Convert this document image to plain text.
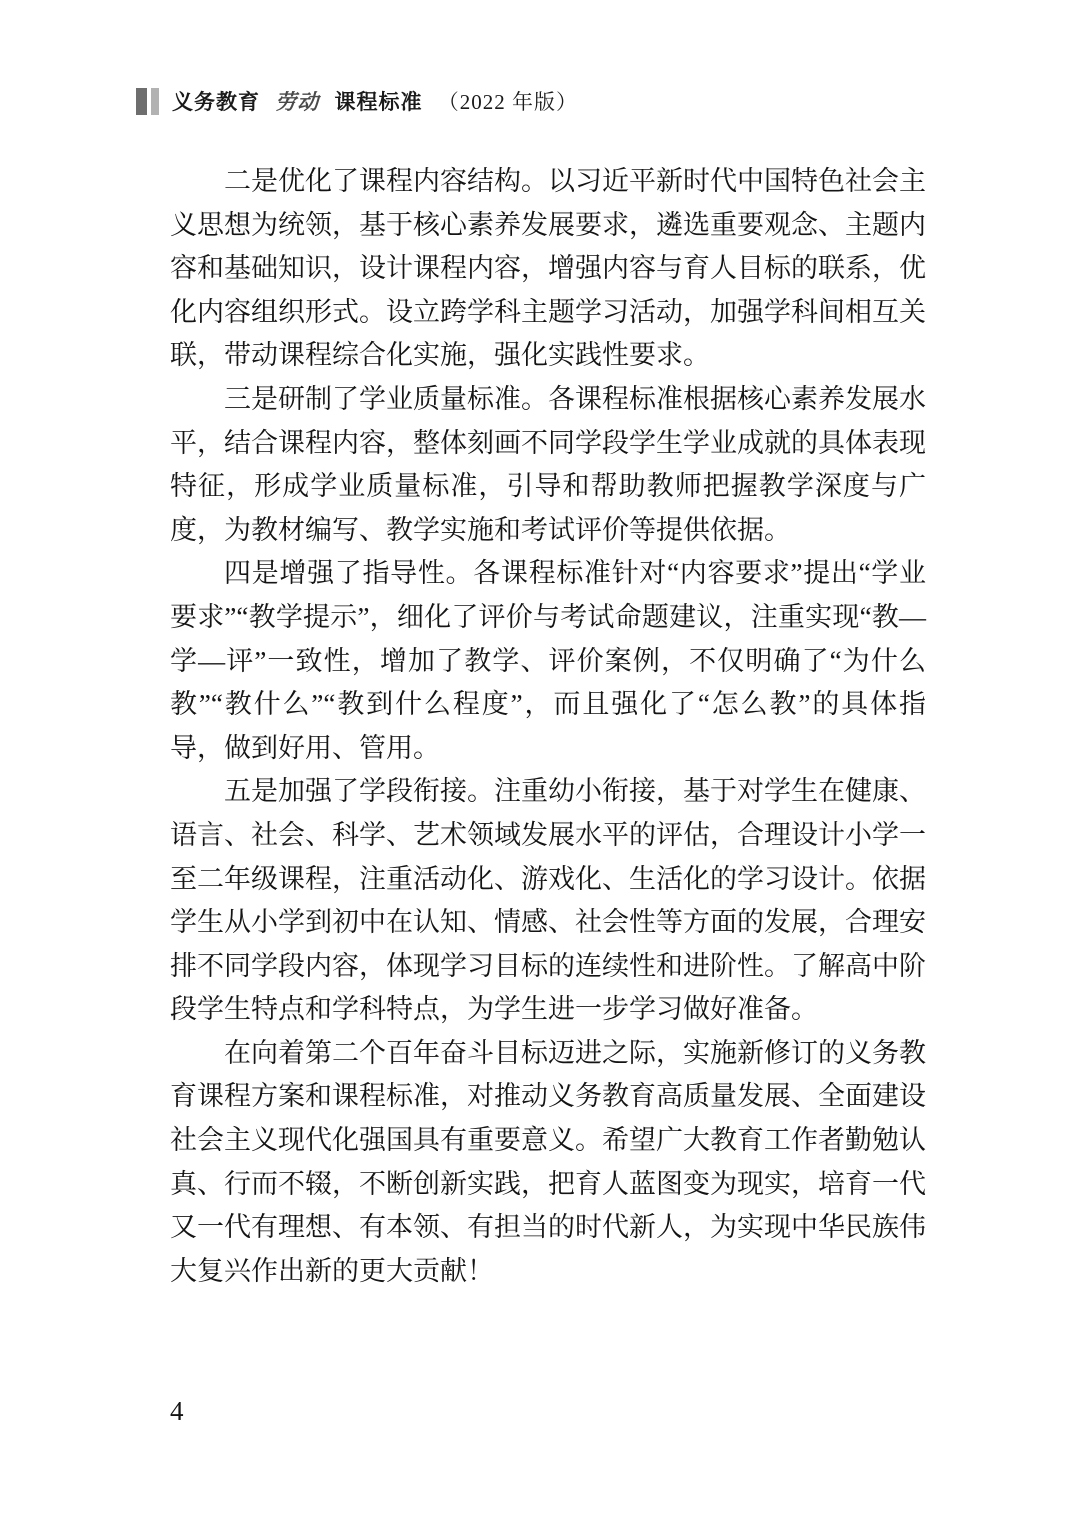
义务教育 劳动 课程标准 （2022 年版）

二是优化了课程内容结构。以习近平新时代中国特色社会主义思想为统领，基于核心素养发展要求，遴选重要观念、主题内容和基础知识，设计课程内容，增强内容与育人目标的联系，优化内容组织形式。设立跨学科主题学习活动，加强学科间相互关联，带动课程综合化实施，强化实践性要求。

三是研制了学业质量标准。各课程标准根据核心素养发展水平，结合课程内容，整体刻画不同学段学生学业成就的具体表现特征，形成学业质量标准，引导和帮助教师把握教学深度与广度，为教材编写、教学实施和考试评价等提供依据。

四是增强了指导性。各课程标准针对“内容要求”提出“学业要求”“教学提示”，细化了评价与考试命题建议，注重实现“教—学—评”一致性，增加了教学、评价案例，不仅明确了“为什么教”“教什么”“教到什么程度”，而且强化了“怎么教”的具体指导，做到好用、管用。

五是加强了学段衔接。注重幼小衔接，基于对学生在健康、语言、社会、科学、艺术领域发展水平的评估，合理设计小学一至二年级课程，注重活动化、游戏化、生活化的学习设计。依据学生从小学到初中在认知、情感、社会性等方面的发展，合理安排不同学段内容，体现学习目标的连续性和进阶性。了解高中阶段学生特点和学科特点，为学生进一步学习做好准备。

在向着第二个百年奋斗目标迈进之际，实施新修订的义务教育课程方案和课程标准，对推动义务教育高质量发展、全面建设社会主义现代化强国具有重要意义。希望广大教育工作者勤勉认真、行而不辍，不断创新实践，把育人蓝图变为现实，培育一代又一代有理想、有本领、有担当的时代新人，为实现中华民族伟大复兴作出新的更大贡献！

4
